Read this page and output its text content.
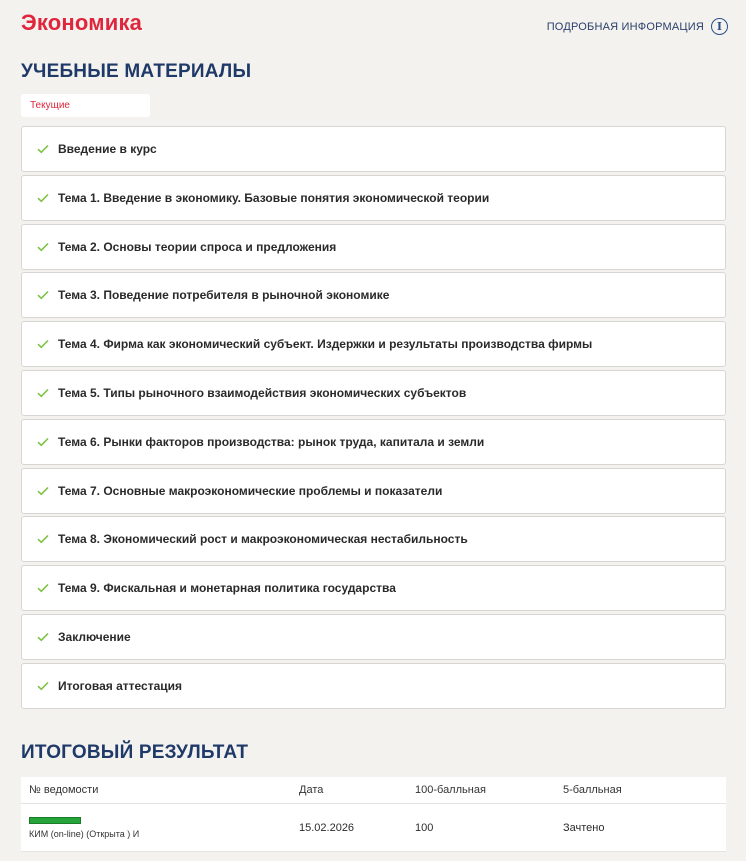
Экономика	ПОДРОБНАЯ ИНФОРМАЦИЯ	I
УЧЕБНЫЕ МАТЕРИАЛЫ
Текущие
Введение в курс
Тема 1. Введение в экономику. Базовые понятия экономической теории
Тема 2. Основы теории спроса и предложения
Тема 3. Поведение потребителя в рыночной экономике
Тема 4. Фирма как экономический субъект. Издержки и результаты производства фирмы
Тема 5. Типы рыночного взаимодействия экономических субъектов
Тема 6. Рынки факторов производства: рынок труда, капитала и земли
Тема 7. Основные макроэкономические проблемы и показатели
Тема 8. Экономический рост и макроэкономическая нестабильность
Тема 9. Фискальная и монетарная политика государства
Заключение
Итоговая аттестация
ИТОГОВЫЙ РЕЗУЛЬТАТ
№ ведомости	Дата	100-балльная	5-балльная
КИМ (on-line) (Открыта ) И	15.02.2026	100	Зачтено
